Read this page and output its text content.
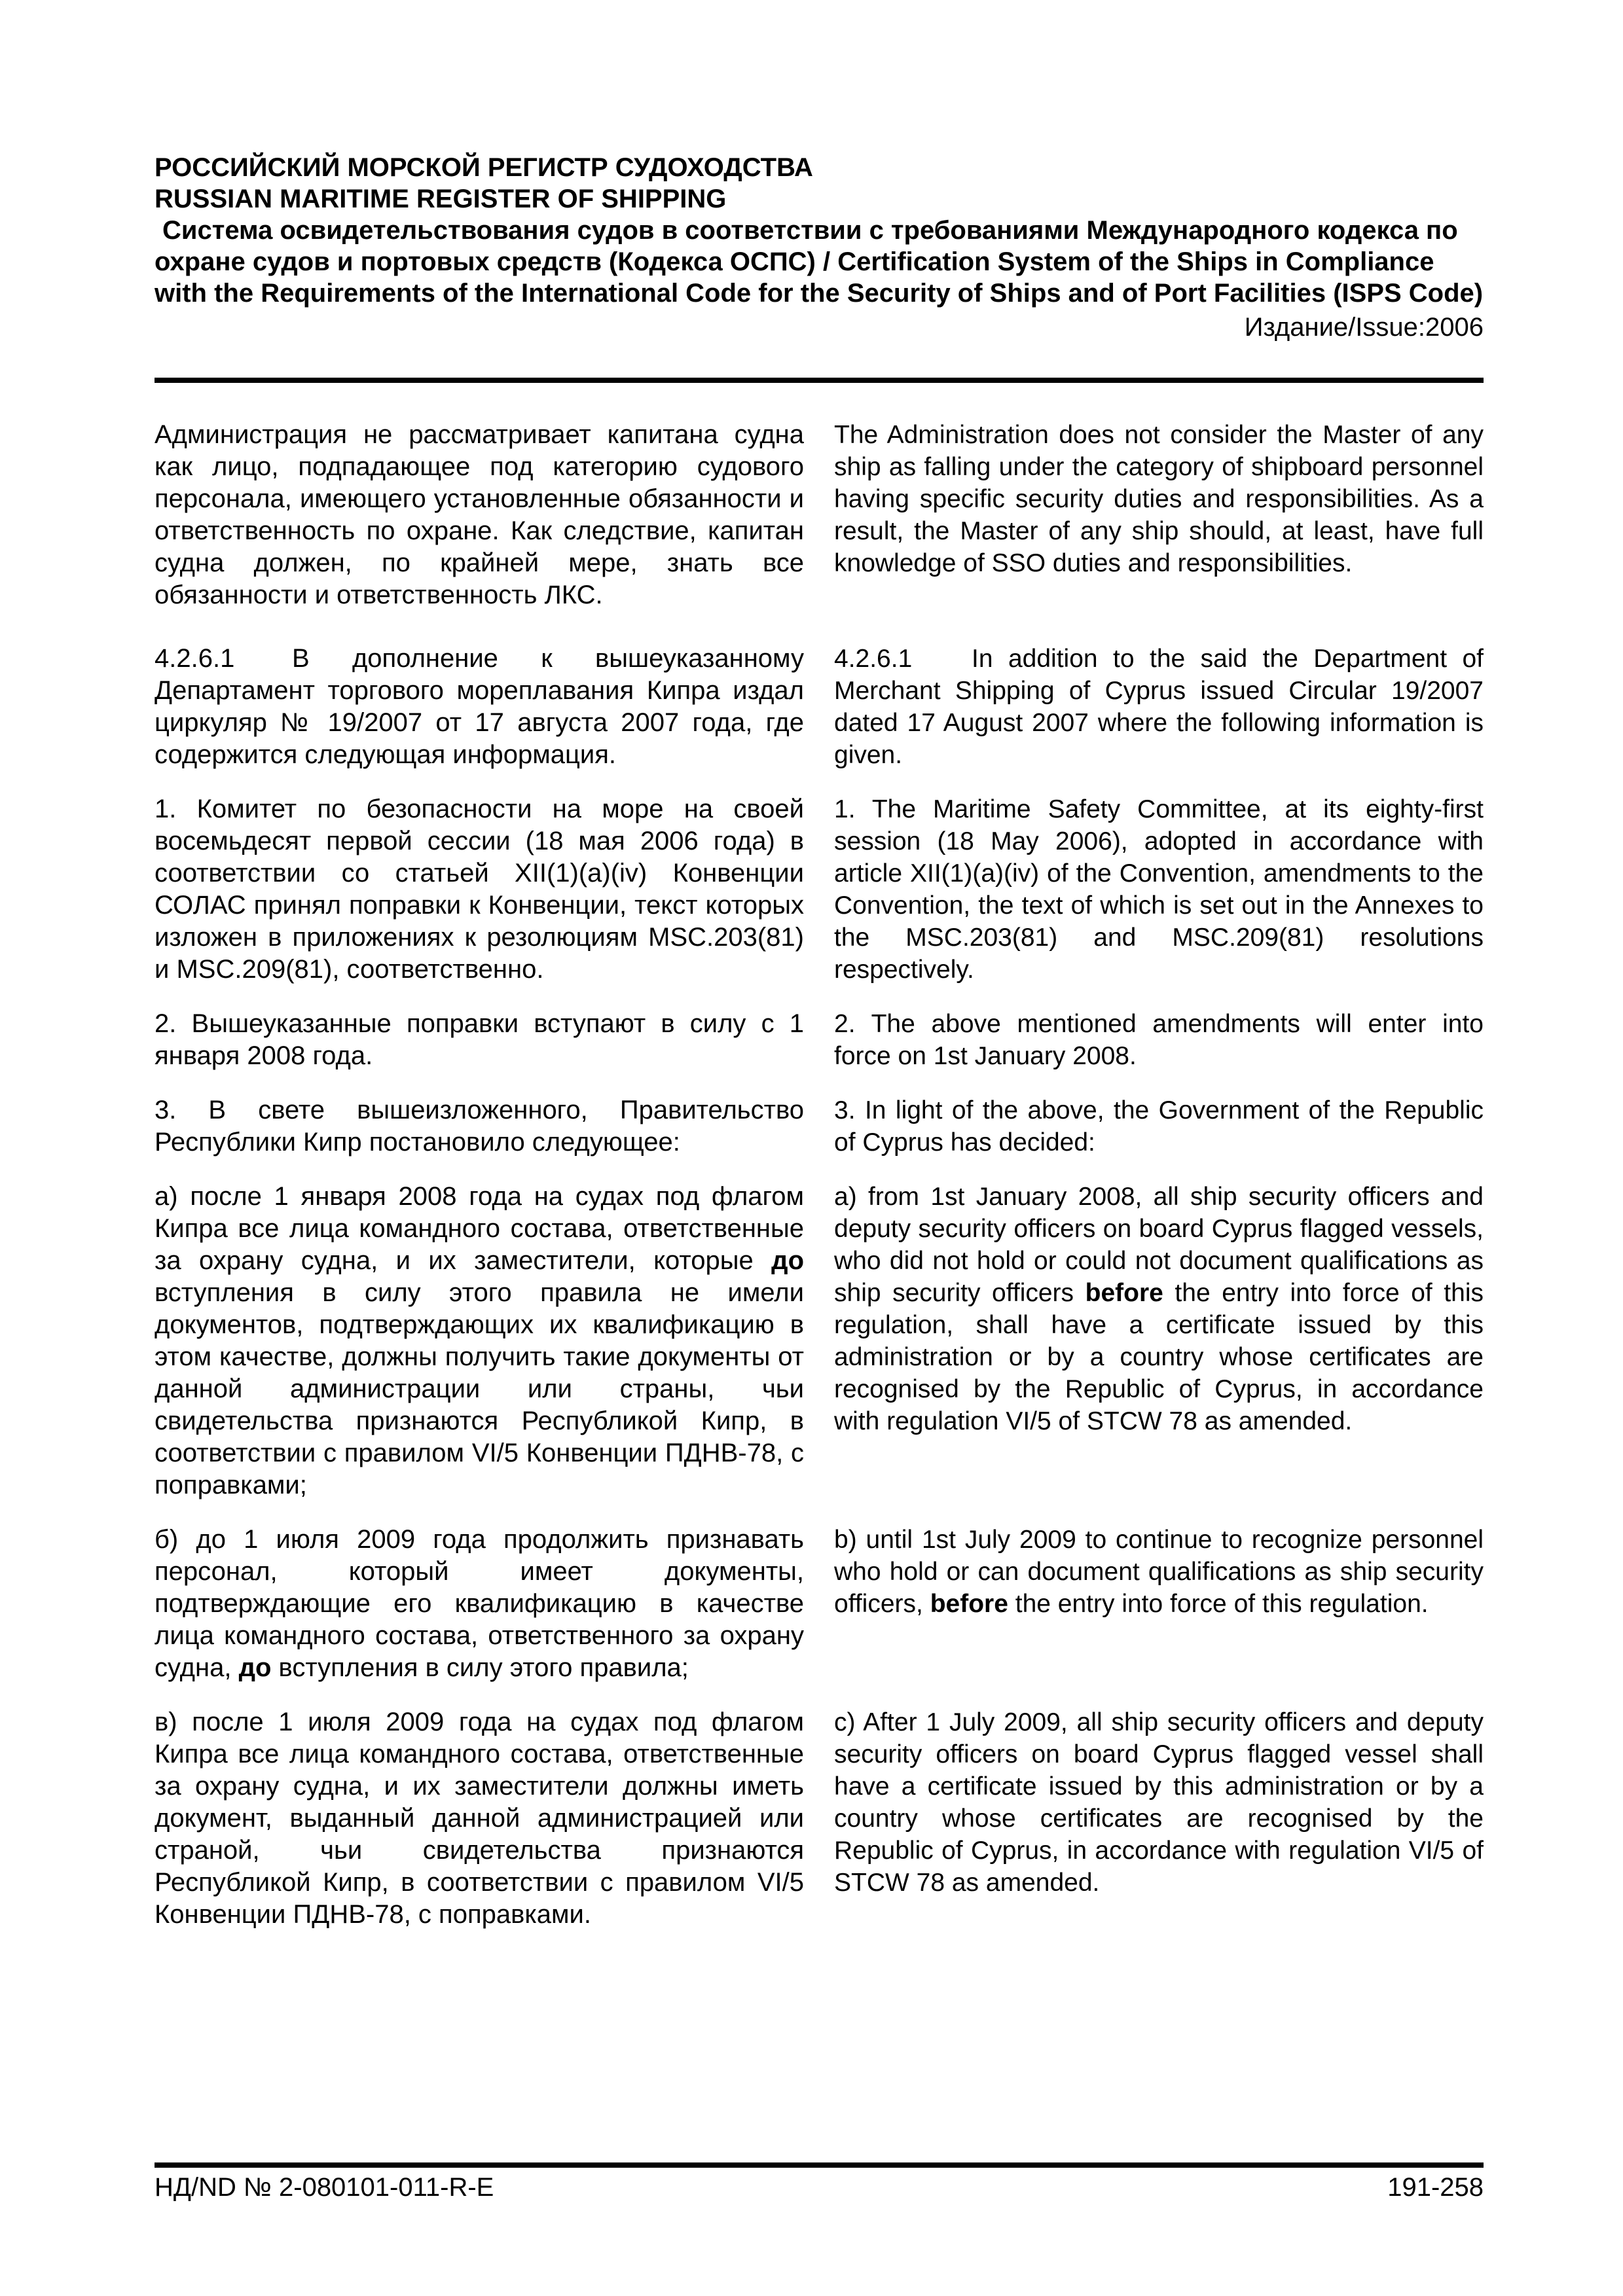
РОССИЙСКИЙ МОРСКОЙ РЕГИСТР СУДОХОДСТВА
RUSSIAN MARITIME REGISTER OF SHIPPING
Система освидетельствования судов в соответствии с требованиями Международного кодекса по охране судов и портовых средств (Кодекса ОСПС) / Certification System of the Ships in Compliance with the Requirements of the International Code for the Security of Ships and of Port Facilities (ISPS Code)
Издание/Issue:2006
Администрация не рассматривает капитана судна как лицо, подпадающее под категорию судового персонала, имеющего установленные обязанности и ответственность по охране. Как следствие, капитан судна должен, по крайней мере, знать все обязанности и ответственность ЛКС.
The Administration does not consider the Master of any ship as falling under the category of shipboard personnel having specific security duties and responsibilities. As a result, the Master of any ship should, at least, have full knowledge of SSO duties and responsibilities.
4.2.6.1 В дополнение к вышеуказанному Департамент торгового мореплавания Кипра издал циркуляр № 19/2007 от 17 августа 2007 года, где содержится следующая информация.
4.2.6.1 In addition to the said the Department of Merchant Shipping of Cyprus issued Circular 19/2007 dated 17 August 2007 where the following information is given.
1. Комитет по безопасности на море на своей восемьдесят первой сессии (18 мая 2006 года) в соответствии со статьей XII(1)(a)(iv) Конвенции СОЛАС принял поправки к Конвенции, текст которых изложен в приложениях к резолюциям MSC.203(81) и MSC.209(81), соответственно.
1. The Maritime Safety Committee, at its eighty-first session (18 May 2006), adopted in accordance with article XII(1)(a)(iv) of the Convention, amendments to the Convention, the text of which is set out in the Annexes to the MSC.203(81) and MSC.209(81) resolutions respectively.
2. Вышеуказанные поправки вступают в силу с 1 января 2008 года.
2. The above mentioned amendments will enter into force on 1st January 2008.
3. В свете вышеизложенного, Правительство Республики Кипр постановило следующее:
3. In light of the above, the Government of the Republic of Cyprus has decided:
а) после 1 января 2008 года на судах под флагом Кипра все лица командного состава, ответственные за охрану судна, и их заместители, которые до вступления в силу этого правила не имели документов, подтверждающих их квалификацию в этом качестве, должны получить такие документы от данной администрации или страны, чьи свидетельства признаются Республикой Кипр, в соответствии с правилом VI/5 Конвенции ПДНВ-78, с поправками;
a) from 1st January 2008, all ship security officers and deputy security officers on board Cyprus flagged vessels, who did not hold or could not document qualifications as ship security officers before the entry into force of this regulation, shall have a certificate issued by this administration or by a country whose certificates are recognised by the Republic of Cyprus, in accordance with regulation VI/5 of STCW 78 as amended.
б) до 1 июля 2009 года продолжить признавать персонал, который имеет документы, подтверждающие его квалификацию в качестве лица командного состава, ответственного за охрану судна, до вступления в силу этого правила;
b) until 1st July 2009 to continue to recognize personnel who hold or can document qualifications as ship security officers, before the entry into force of this regulation.
в) после 1 июля 2009 года на судах под флагом Кипра все лица командного состава, ответственные за охрану судна, и их заместители должны иметь документ, выданный данной администрацией или страной, чьи свидетельства признаются Республикой Кипр, в соответствии с правилом VI/5 Конвенции ПДНВ-78, с поправками.
c) After 1 July 2009, all ship security officers and deputy security officers on board Cyprus flagged vessel shall have a certificate issued by this administration or by a country whose certificates are recognised by the Republic of Cyprus, in accordance with regulation VI/5 of STCW 78 as amended.
НД/ND № 2-080101-011-R-E	191-258
